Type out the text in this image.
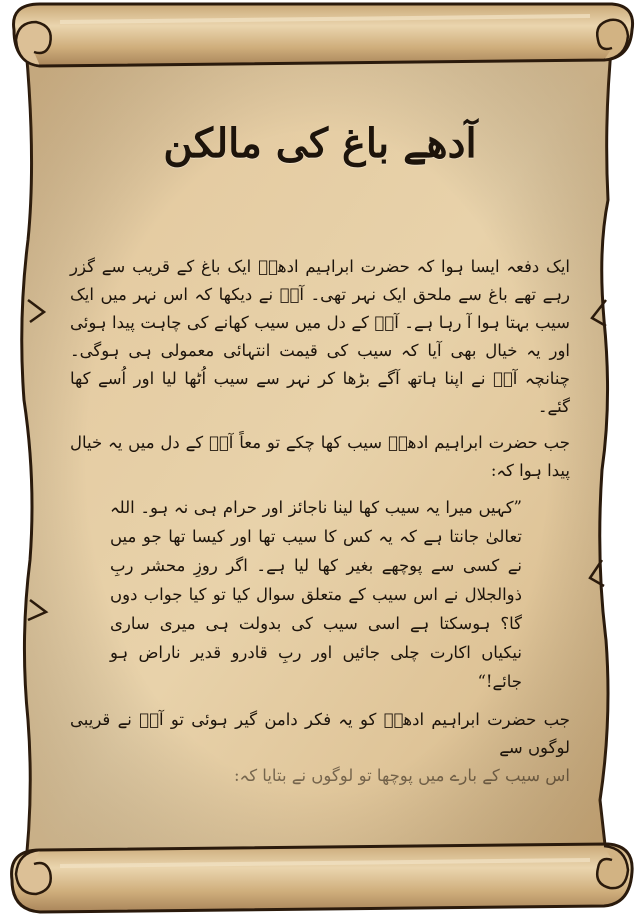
آدھے باغ کی مالکن

ایک دفعہ ایسا ہوا کہ حضرت ابراہیم ادھمؒ ایک باغ کے قریب سے گزر رہے تھے باغ سے ملحق ایک نہر تھی۔ آپؒ نے دیکھا کہ اس نہر میں ایک سیب بہتا ہوا آ رہا ہے۔ آپؒ کے دل میں سیب کھانے کی چاہت پیدا ہوئی اور یہ خیال بھی آیا کہ سیب کی قیمت انتہائی معمولی ہی ہوگی۔ چنانچہ آپؒ نے اپنا ہاتھ آگے بڑھا کر نہر سے سیب اُٹھا لیا اور اُسے کھا گئے۔

جب حضرت ابراہیم ادھمؒ سیب کھا چکے تو معاً آپؒ کے دل میں یہ خیال پیدا ہوا کہ:

”کہیں میرا یہ سیب کھا لینا ناجائز اور حرام ہی نہ ہو۔ اللہ تعالیٰ جانتا ہے کہ یہ کس کا سیب تھا اور کیسا تھا جو میں نے کسی سے پوچھے بغیر کھا لیا ہے۔ اگر روزِ محشر ربِ ذوالجلال نے اس سیب کے متعلق سوال کیا تو کیا جواب دوں گا؟ ہوسکتا ہے اسی سیب کی بدولت ہی میری ساری نیکیاں اکارت چلی جائیں اور ربِ قادرو قدیر ناراض ہو جائے!“

جب حضرت ابراہیم ادھمؒ کو یہ فکر دامن گیر ہوئی تو آپؒ نے قریبی لوگوں سے

اس سیب کے بارے میں پوچھا تو لوگوں نے بتایا کہ:
